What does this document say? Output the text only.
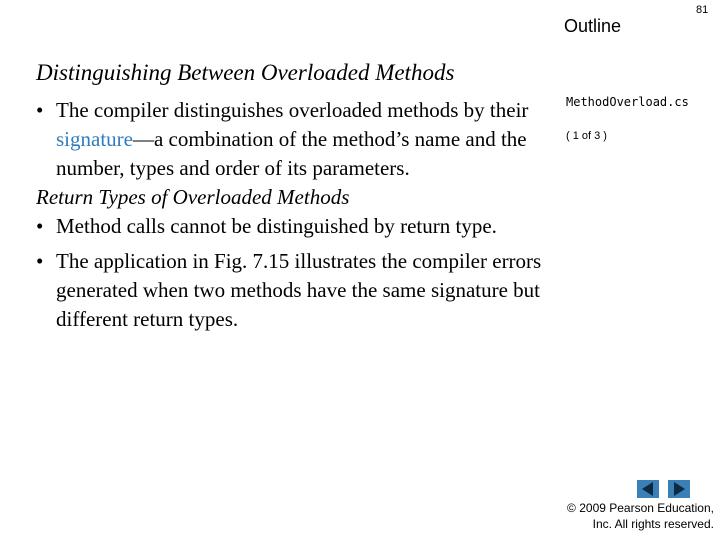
Outline
81
Distinguishing Between Overloaded Methods
• The compiler distinguishes overloaded methods by their signature—a combination of the method’s name and the number, types and order of its parameters.
Return Types of Overloaded Methods
• Method calls cannot be distinguished by return type.
• The application in Fig. 7.15 illustrates the compiler errors generated when two methods have the same signature but different return types.
MethodOverload.cs
( 1 of 3 )
© 2009 Pearson Education,
Inc. All rights reserved.
